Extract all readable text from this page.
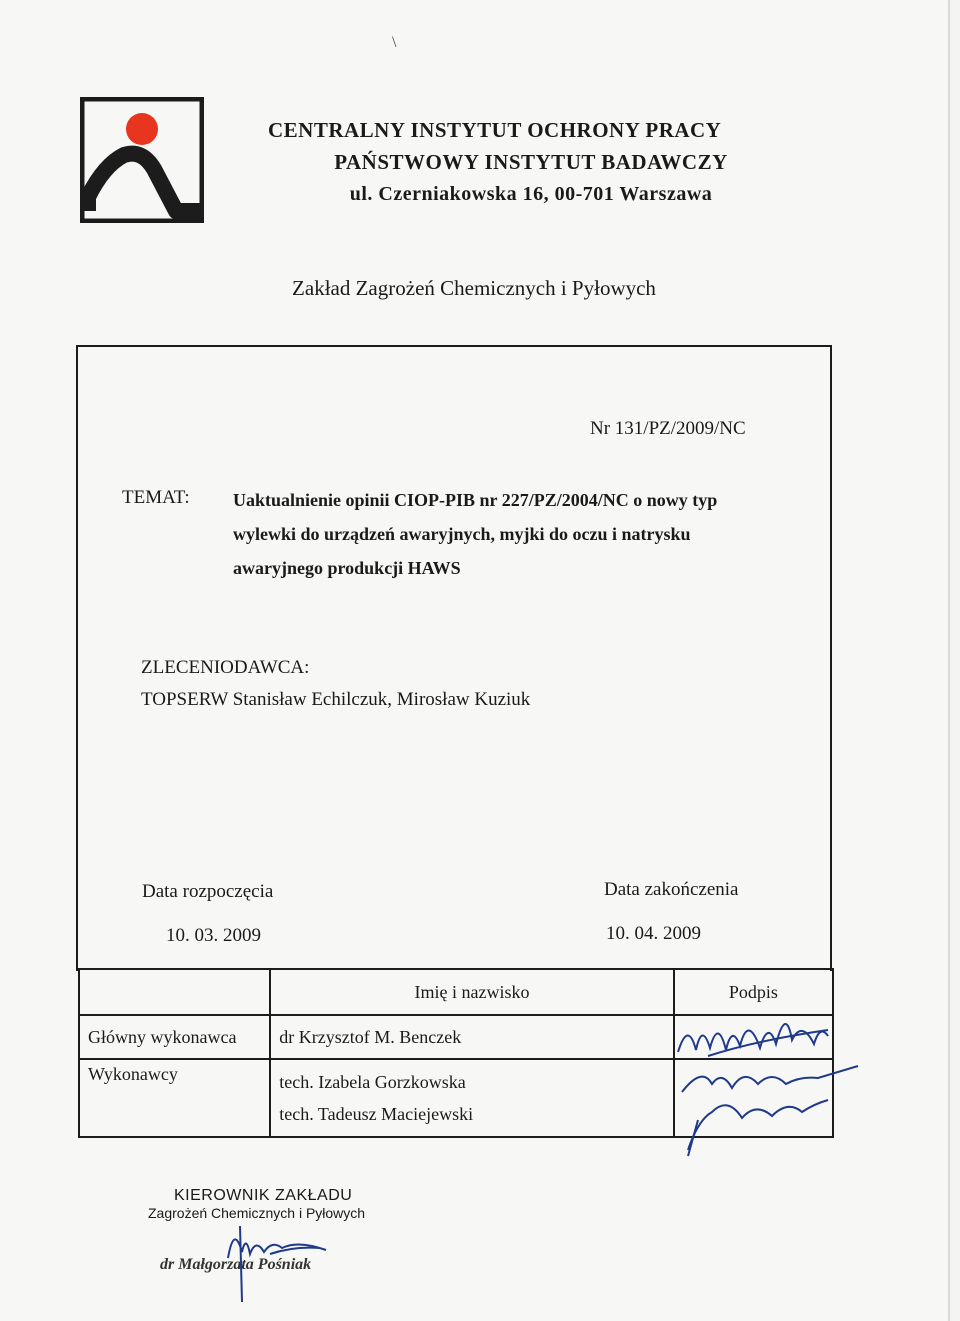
\
CENTRALNY INSTYTUT OCHRONY PRACY
PAŃSTWOWY INSTYTUT BADAWCZY
ul. Czerniakowska 16, 00-701 Warszawa
Zakład Zagrożeń Chemicznych i Pyłowych
Nr 131/PZ/2009/NC
TEMAT: Uaktualnienie opinii CIOP-PIB nr 227/PZ/2004/NC o nowy typ
wylewki do urządzeń awaryjnych, myjki do oczu i natrysku
awaryjnego produkcji HAWS
ZLECENIODAWCA:
TOPSERW Stanisław Echilczuk, Mirosław Kuziuk
Data rozpoczęcia
10. 03. 2009
Data zakończenia
10. 04. 2009
	Imię i nazwisko	Podpis
Główny wykonawca	dr Krzysztof M. Benczek	
Wykonawcy	tech. Izabela Gorzkowska
tech. Tadeusz Maciejewski	

KIEROWNIK ZAKŁADU
Zagrożeń Chemicznych i Pyłowych
dr Małgorzata Pośniak
